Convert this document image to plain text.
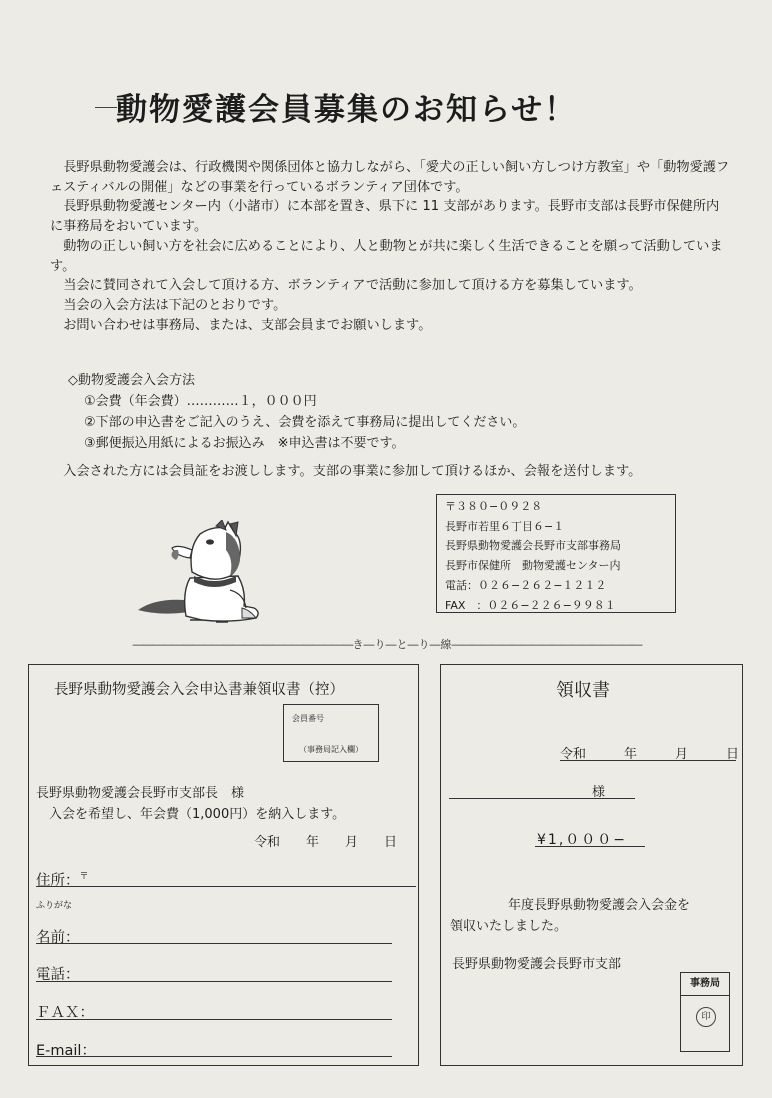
動物愛護会員募集のお知らせ！

長野県動物愛護会は、行政機関や関係団体と協力しながら、「愛犬の正しい飼い方しつけ方教室」や「動物愛護フェスティバルの開催」などの事業を行っているボランティア団体です。

長野県動物愛護センター内（小諸市）に本部を置き、県下に 11 支部があります。長野市支部は長野市保健所内に事務局をおいています。

動物の正しい飼い方を社会に広めることにより、人と動物とが共に楽しく生活できることを願って活動しています。

当会に賛同されて入会して頂ける方、ボランティアで活動に参加して頂ける方を募集しています。

当会の入会方法は下記のとおりです。

お問い合わせは事務局、または、支部会員までお願いします。

◇動物愛護会入会方法
①会費（年会費）…………１，０００円
②下部の申込書をご記入のうえ、会費を添えて事務局に提出してください。
③郵便振込用紙によるお振込み　※申込書は不要です。
入会された方には会員証をお渡しします。支部の事業に参加して頂けるほか、会報を送付します。
〒３８０−０９２８
長野市若里６丁目６−１
長野県動物愛護会長野市支部事務局
長野市保健所　動物愛護センター内
電話：０２６−２６２−１２１２
FAX　：０２６−２２６−９９８１
――――――――――――――――――――――き―り―と―り―線―――――――――――――――――――
長野県動物愛護会入会申込書兼領収書（控）
会員番号
（事務局記入欄）
長野県動物愛護会長野市支部長　様
入会を希望し、年会費（1,000円）を納入します。
令和 年 月 日
住所：〒
ふりがな
名前：
電話：
ＦＡＸ：
E-mail：
領収書
令和	年	月	日
様
¥1,０００−
年度長野県動物愛護会入会金を
領収いたしました。
長野県動物愛護会長野市支部
事務局
印
